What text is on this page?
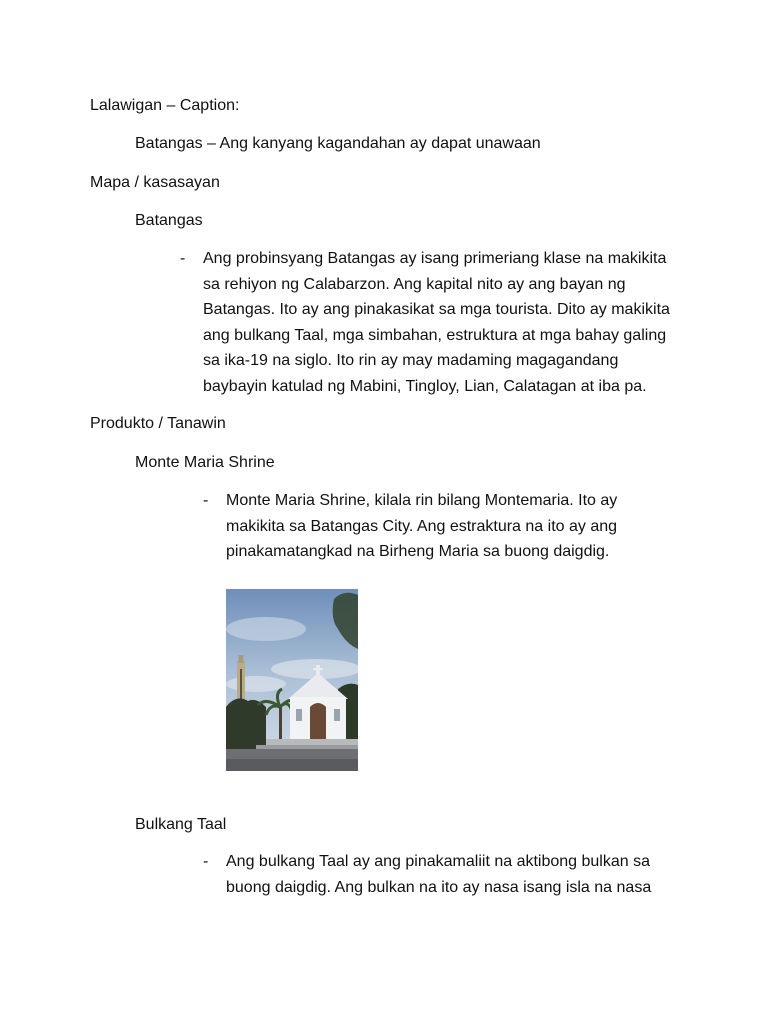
Lalawigan – Caption:
Batangas – Ang kanyang kagandahan ay dapat unawaan
Mapa / kasasayan
Batangas
- Ang probinsyang Batangas ay isang primeriang klase na makikita
sa rehiyon ng Calabarzon. Ang kapital nito ay ang bayan ng
Batangas. Ito ay ang pinakasikat sa mga tourista. Dito ay makikita
ang bulkang Taal, mga simbahan, estruktura at mga bahay galing
sa ika-19 na siglo. Ito rin ay may madaming magagandang
baybayin katulad ng Mabini, Tingloy, Lian, Calatagan at iba pa.
Produkto / Tanawin
Monte Maria Shrine
- Monte Maria Shrine, kilala rin bilang Montemaria. Ito ay
makikita sa Batangas City. Ang estraktura na ito ay ang
pinakamatangkad na Birheng Maria sa buong daigdig.
Bulkang Taal
- Ang bulkang Taal ay ang pinakamaliit na aktibong bulkan sa
buong daigdig. Ang bulkan na ito ay nasa isang isla na nasa
